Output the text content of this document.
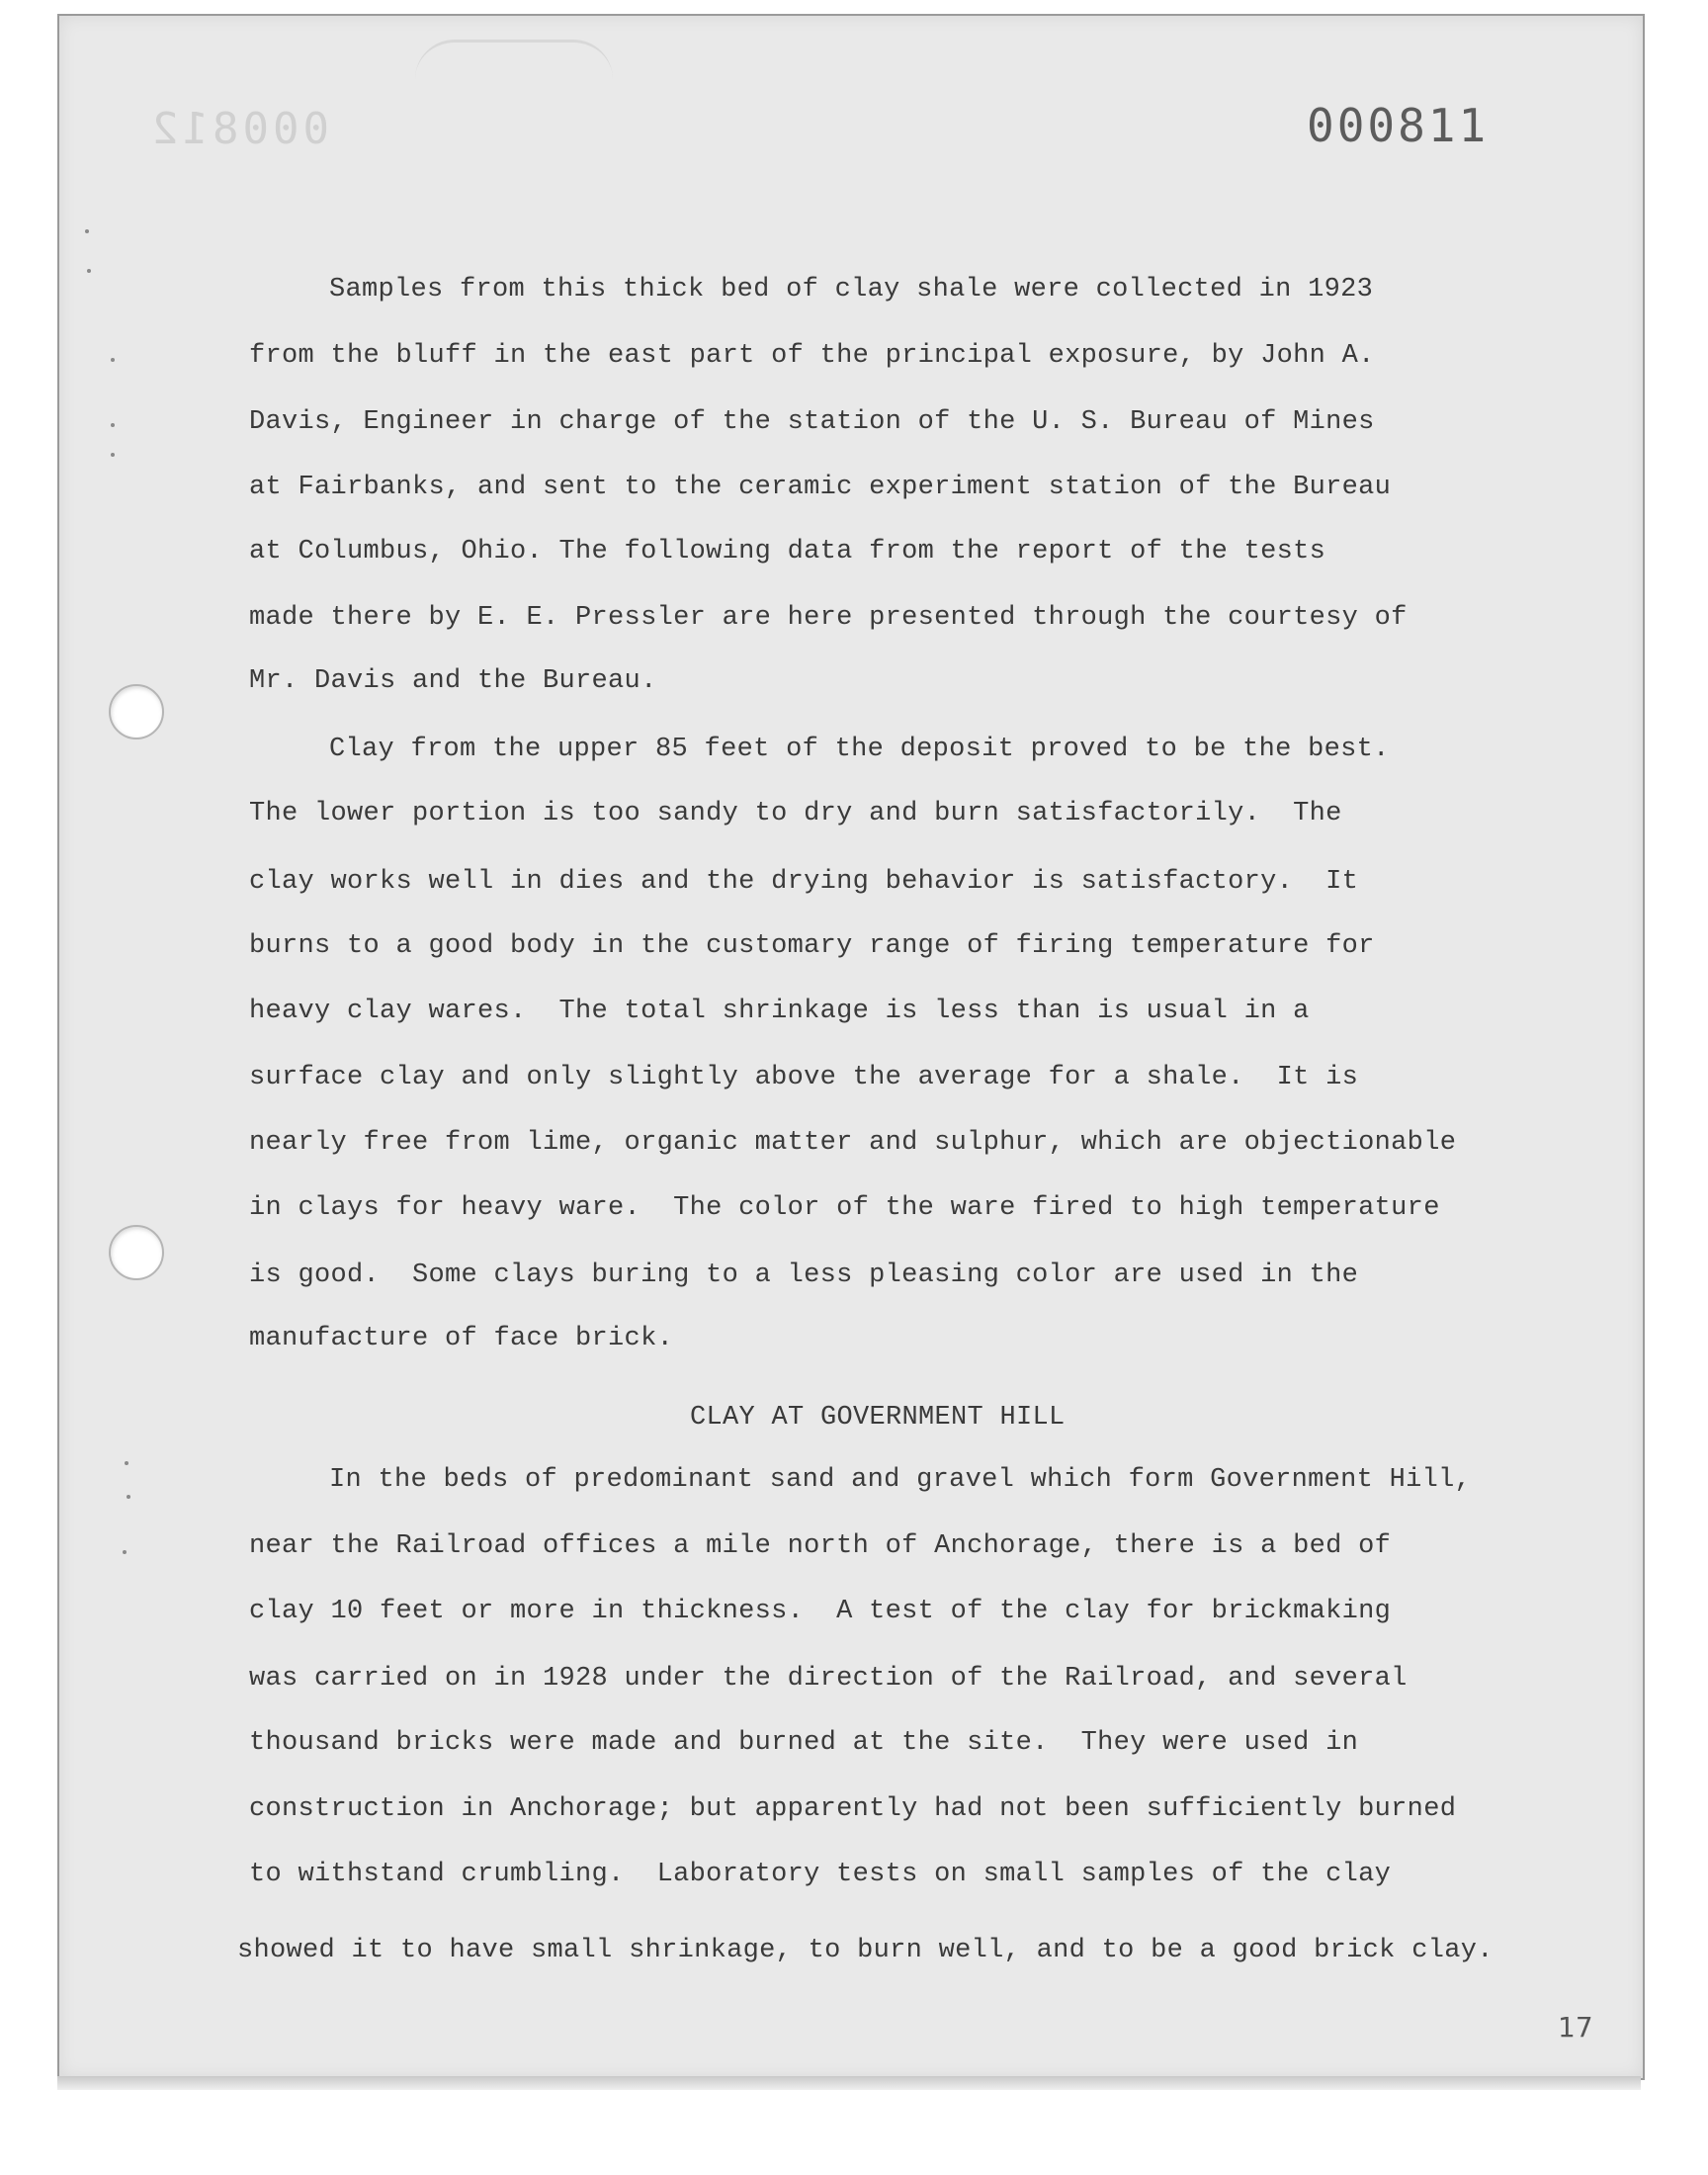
000812	000811
Samples from this thick bed of clay shale were collected in 1923
from the bluff in the east part of the principal exposure, by John A.
Davis, Engineer in charge of the station of the U. S. Bureau of Mines
at Fairbanks, and sent to the ceramic experiment station of the Bureau
at Columbus, Ohio. The following data from the report of the tests
made there by E. E. Pressler are here presented through the courtesy of
Mr. Davis and the Bureau.
Clay from the upper 85 feet of the deposit proved to be the best.
The lower portion is too sandy to dry and burn satisfactorily.  The
clay works well in dies and the drying behavior is satisfactory.  It
burns to a good body in the customary range of firing temperature for
heavy clay wares.  The total shrinkage is less than is usual in a
surface clay and only slightly above the average for a shale.  It is
nearly free from lime, organic matter and sulphur, which are objectionable
in clays for heavy ware.  The color of the ware fired to high temperature
is good.  Some clays buring to a less pleasing color are used in the
manufacture of face brick.
CLAY AT GOVERNMENT HILL
In the beds of predominant sand and gravel which form Government Hill,
near the Railroad offices a mile north of Anchorage, there is a bed of
clay 10 feet or more in thickness.  A test of the clay for brickmaking
was carried on in 1928 under the direction of the Railroad, and several
thousand bricks were made and burned at the site.  They were used in
construction in Anchorage; but apparently had not been sufficiently burned
to withstand crumbling.  Laboratory tests on small samples of the clay
showed it to have small shrinkage, to burn well, and to be a good brick clay.
17
